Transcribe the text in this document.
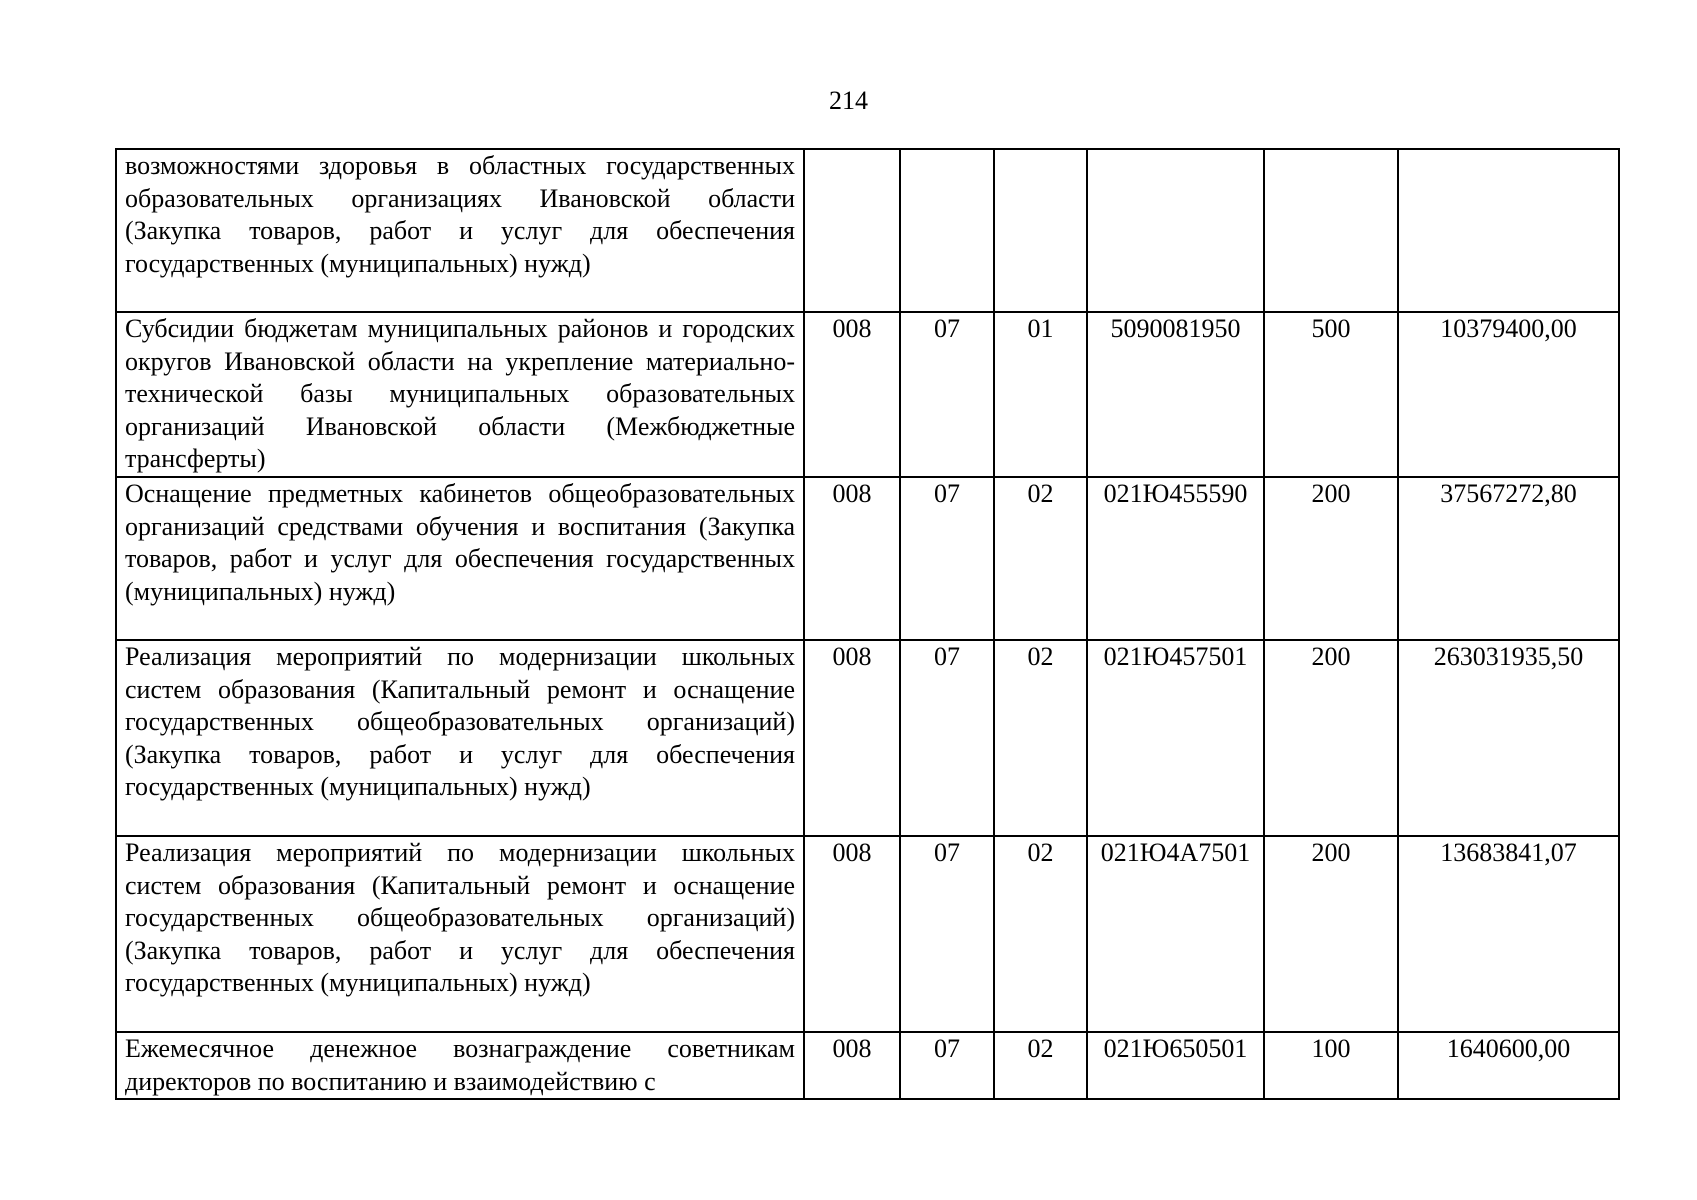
214
возможностями здоровья в областных государственных образовательных организациях Ивановской области (Закупка товаров, работ и услуг для обеспечения государственных (муниципальных) нужд)						
Субсидии бюджетам муниципальных районов и городских округов Ивановской области на укрепление материально-технической базы муниципальных образовательных организаций Ивановской области (Межбюджетные трансферты)	008	07	01	5090081950	500	10379400,00
Оснащение предметных кабинетов общеобразовательных организаций средствами обучения и воспитания (Закупка товаров, работ и услуг для обеспечения государственных (муниципальных) нужд)	008	07	02	021Ю455590	200	37567272,80
Реализация мероприятий по модернизации школьных систем образования (Капитальный ремонт и оснащение государственных общеобразовательных организаций) (Закупка товаров, работ и услуг для обеспечения государственных (муниципальных) нужд)	008	07	02	021Ю457501	200	263031935,50
Реализация мероприятий по модернизации школьных систем образования (Капитальный ремонт и оснащение государственных общеобразовательных организаций) (Закупка товаров, работ и услуг для обеспечения государственных (муниципальных) нужд)	008	07	02	021Ю4А7501	200	13683841,07
Ежемесячное денежное вознаграждение советникам директоров по воспитанию и взаимодействию с	008	07	02	021Ю650501	100	1640600,00
